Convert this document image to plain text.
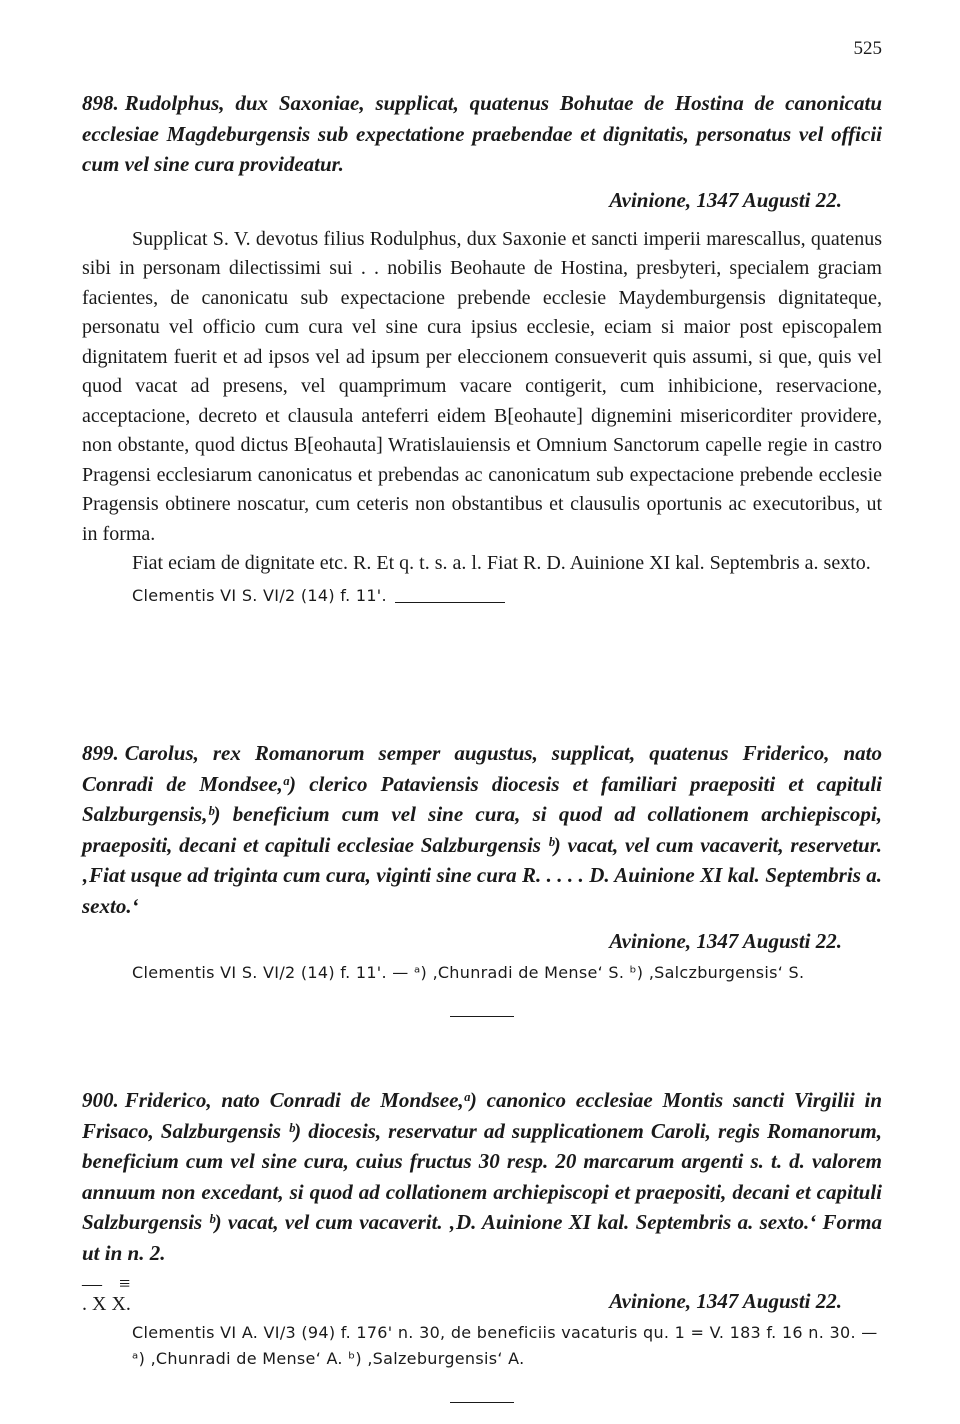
525

898. Rudolphus, dux Saxoniae, supplicat, quatenus Bohutae de Hostina de canonicatu ecclesiae Magdeburgensis sub expectatione praebendae et dignitatis, personatus vel officii cum vel sine cura provideatur.

Avinione, 1347 Augusti 22.

Supplicat S. V. devotus filius Rodulphus, dux Saxonie et sancti imperii marescallus, quatenus sibi in personam dilectissimi sui . . nobilis Beohaute de Hostina, presbyteri, specialem graciam facientes, de canonicatu sub expectacione prebende ecclesie Maydemburgensis dignitateque, personatu vel officio cum cura vel sine cura ipsius ecclesie, eciam si maior post episcopalem dignitatem fuerit et ad ipsos vel ad ipsum per eleccionem consueverit quis assumi, si que, quis vel quod vacat ad presens, vel quamprimum vacare contigerit, cum inhibicione, reservacione, acceptacione, decreto et clausula anteferri eidem B[eohaute] dignemini misericorditer providere, non obstante, quod dictus B[eohauta] Wratislauiensis et Omnium Sanctorum capelle regie in castro Pragensi ecclesiarum canonicatus et prebendas ac canonicatum sub expectacione prebende ecclesie Pragensis obtinere noscatur, cum ceteris non obstantibus et clausulis oportunis ac executoribus, ut in forma.

Fiat eciam de dignitate etc. R. Et q. t. s. a. l. Fiat R. D. Auinione XI kal. Septembris a. sexto.

Clementis VI S. VI/2 (14) f. 11'.

899. Carolus, rex Romanorum semper augustus, supplicat, quatenus Friderico, nato Conradi de Mondsee,ᵃ) clerico Pataviensis diocesis et familiari praepositi et capituli Salzburgensis,ᵇ) beneficium cum vel sine cura, si quod ad collationem archiepiscopi, praepositi, decani et capituli ecclesiae Salzburgensis ᵇ) vacat, vel cum vacaverit, reservetur. ‚Fiat usque ad triginta cum cura, viginti sine cura R. . . . . D. Auinione XI kal. Septembris a. sexto.‘

Avinione, 1347 Augusti 22.
Clementis VI S. VI/2 (14) f. 11'. — ᵃ) ‚Chunradi de Mense‘ S. ᵇ) ‚Salczburgensis‘ S.

900. Friderico, nato Conradi de Mondsee,ᵃ) canonico ecclesiae Montis sancti Virgilii in Frisaco, Salzburgensis ᵇ) diocesis, reservatur ad supplicationem Caroli, regis Romanorum, beneficium cum vel sine cura, cuius fructus 30 resp. 20 marcarum argenti s. t. d. valorem annuum non excedant, si quod ad collationem archiepiscopi et praepositi, decani et capituli Salzburgensis ᵇ) vacat, vel cum vacaverit. ‚D. Auinione XI kal. Septembris a. sexto.‘ Forma ut in n. 2.

— ≡
. X X.	Avinione, 1347 Augusti 22.
Clementis VI A. VI/3 (94) f. 176' n. 30, de beneficiis vacaturis qu. 1 = V. 183 f. 16 n. 30. — ᵃ) ‚Chunradi de Mense‘ A. ᵇ) ‚Salzeburgensis‘ A.
